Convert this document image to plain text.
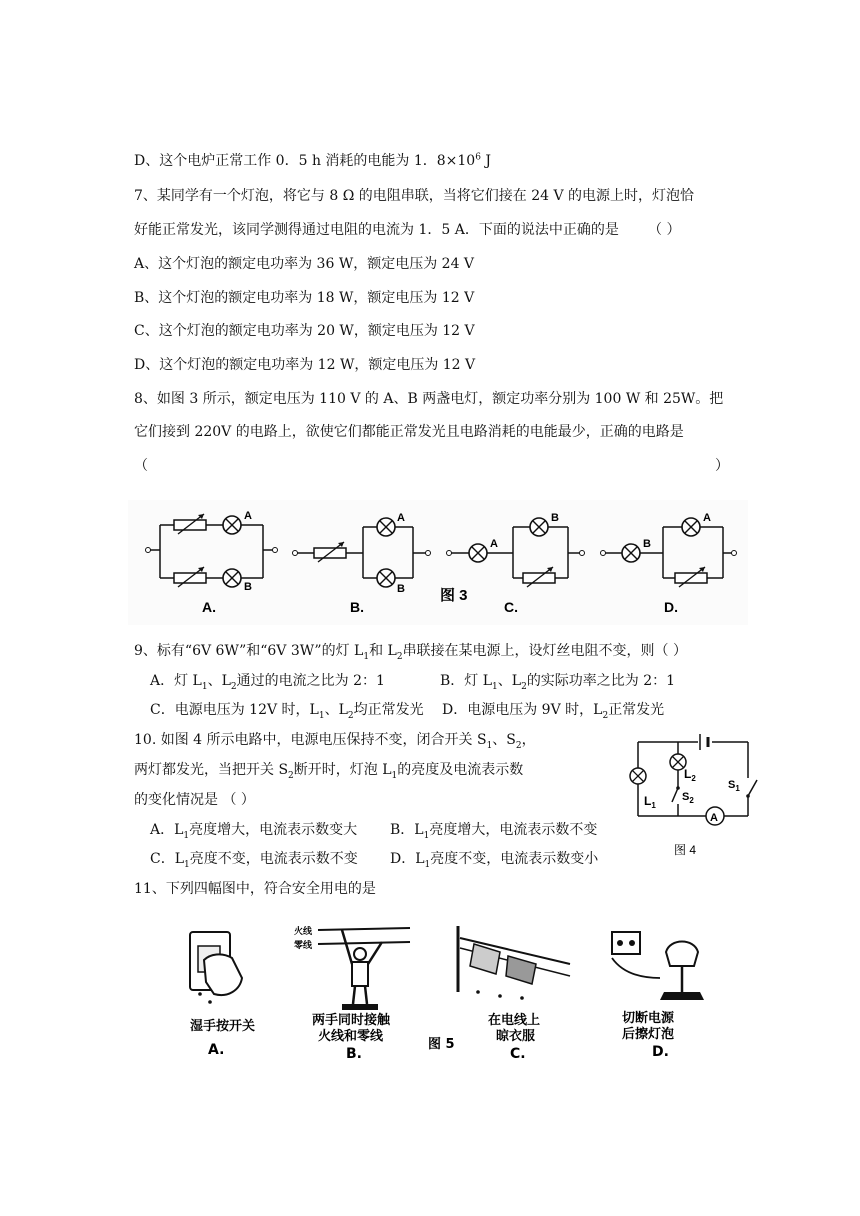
D、这个电炉正常工作 0．5 h 消耗的电能为 1．$8\times 10^6$ J
7、某同学有一个灯泡，将它与 8 Ω 的电阻串联，当将它们接在 24 V 的电源上时，灯泡恰
好能正常发光，该同学测得通过电阻的电流为 1．5 A．下面的说法中正确的是 （ ）
A、这个灯泡的额定电功率为 36 W，额定电压为 24 V
B、这个灯泡的额定电功率为 18 W，额定电压为 12 V
C、这个灯泡的额定电功率为 20 W，额定电压为 12 V
D、这个灯泡的额定电功率为 12 W，额定电压为 12 V
8、如图 3 所示，额定电压为 110 V 的 A、B 两盏电灯，额定功率分别为 100 W 和 25W。把
它们接到 220V 的电路上，欲使它们都能正常发光且电路消耗的电能最少，正确的电路是
（	）
A
B
A.
A
B
B.
A
B
C.
图 3
B
A
D.
9、标有“6V 6W”和“6V 3W”的灯 $L_1$和 $L_2$串联接在某电源上，设灯丝电阻不变，则（ ）
A．灯 $L_1$、$L_2$通过的电流之比为 2：1	B．灯 $L_1$、$L_2$的实际功率之比为 2：1
C．电源电压为 12V 时，$L_1$、$L_2$均正常发光 D．电源电压为 9V 时，$L_2$正常发光
10. 如图 4 所示电路中，电源电压保持不变，闭合开关 $S_1$、$S_2$，
两灯都发光，当把开关 $S_2$断开时，灯泡 $L_1$的亮度及电流表示数
的变化情况是 （ ）
A．$L_1$亮度增大，电流表示数变大 B．$L_1$亮度增大，电流表示数不变
C．$L_1$亮度不变，电流表示数不变 D．$L_1$亮度不变，电流表示数变小
$S_1$
A
$L_1$
$L_2$
$S_2$
图 4
11、下列四幅图中，符合安全用电的是
湿手按开关
A.
火线
零线
两手同时接触
火线和零线
B.
图 5
在电线上
晾衣服
C.
切断电源
后擦灯泡
D.
